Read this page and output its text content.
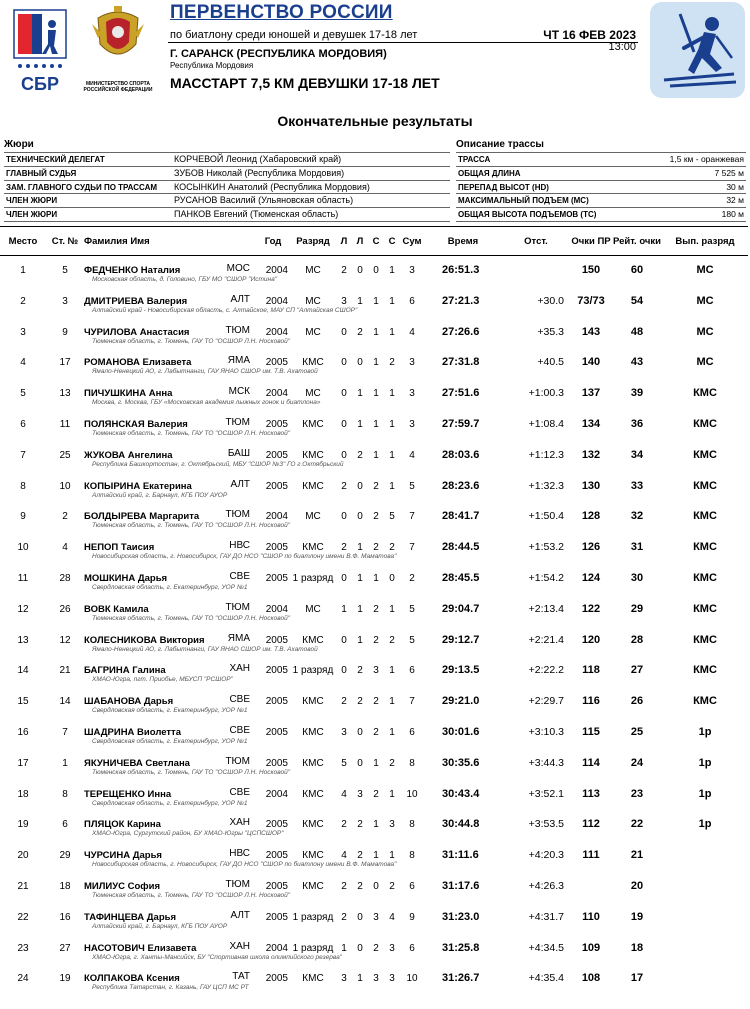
СБР	МИНИСТЕРСТВО СПОРТА РОССИЙСКОЙ ФЕДЕРАЦИИ
ПЕРВЕНСТВО РОССИИ
по биатлону среди юношей и девушек 17-18 лет	ЧТ 16 ФЕВ 2023
13:00
Г. САРАНСК (РЕСПУБЛИКА МОРДОВИЯ)
Республика Мордовия
МАССТАРТ 7,5 КМ ДЕВУШКИ 17-18 ЛЕТ
Окончательные результаты
Жюри
ТЕХНИЧЕСКИЙ ДЕЛЕГАТ	КОРЧЕВОЙ Леонид (Хабаровский край)
ГЛАВНЫЙ СУДЬЯ	ЗУБОВ Николай (Республика Мордовия)
ЗАМ. ГЛАВНОГО СУДЬИ ПО ТРАССАМ КОСЫНКИН Анатолий (Республика Мордовия)
ЧЛЕН ЖЮРИ	РУСАНОВ Василий (Ульяновская область)
ЧЛЕН ЖЮРИ	ПАНКОВ Евгений (Тюменская область)
Описание трассы
ТРАССА	1,5 км - оранжевая
ОБЩАЯ ДЛИНА	7 525 м
ПЕРЕПАД ВЫСОТ (HD)	30 м
МАКСИМАЛЬНЫЙ ПОДЪЕМ (MC)	32 м
ОБЩАЯ ВЫСОТА ПОДЪЕМОВ (TC)	180 м
Место	Ст. №	Фамилия Имя	Год	Разряд	Л	Л	С	С	Сум	Время	Отст.	Очки ПР	Рейт. очки	Вып. разряд
1	5	ФЕДЧЕНКО Наталия	МОС 2004	МС	2	0	0	1	3	26:51.3		150	60	МС
Московская область, д. Головино, ГБУ МО "СШОР "Истина"														
2	3	ДМИТРИЕВА Валерия	АЛТ 2004	МС	3	1	1	1	6	27:21.3	+30.0	73/73	54	МС
Алтайский край - Новосибирская область, с. Алтайское, МАУ СП "Алтайская СШОР"														
3	9	ЧУРИЛОВА Анастасия	ТЮМ 2004	МС	0	2	1	1	4	27:26.6	+35.3	143	48	МС
Тюменская область, г. Тюмень, ГАУ ТО "ОСШОР Л.Н. Носковой"														
4	17	РОМАНОВА Елизавета	ЯМА 2005	КМС	0	0	1	2	3	27:31.8	+40.5	140	43	МС
Ямало-Ненецкий АО, г. Лабытнанги, ГАУ ЯНАО СШОР им. Т.В. Ахатовой														
5	13	ПИЧУШКИНА Анна	МСК 2004	МС	0	1	1	1	3	27:51.6	+1:00.3	137	39	КМС
Москва, г. Москва, ГБУ «Московская академия лыжных гонок и биатлона»														
6	11	ПОЛЯНСКАЯ Валерия	ТЮМ 2005	КМС	0	1	1	1	3	27:59.7	+1:08.4	134	36	КМС
Тюменская область, г. Тюмень, ГАУ ТО "ОСШОР Л.Н. Носковой"														
7	25	ЖУКОВА Ангелина	БАШ 2005	КМС	0	2	1	1	4	28:03.6	+1:12.3	132	34	КМС
Республика Башкортостан, г. Октябрьский, МБУ "СШОР №3" ГО г.Октябрьский														
8	10	КОПЫРИНА Екатерина	АЛТ 2005	КМС	2	0	2	1	5	28:23.6	+1:32.3	130	33	КМС
Алтайский край, г. Барнаул, КГБ ПОУ АУОР														
9	2	БОЛДЫРЕВА Маргарита	ТЮМ 2004	МС	0	0	2	5	7	28:41.7	+1:50.4	128	32	КМС
Тюменская область, г. Тюмень, ГАУ ТО "ОСШОР Л.Н. Носковой"														
10	4	НЕПОП Таисия	НВС 2005	КМС	2	1	2	2	7	28:44.5	+1:53.2	126	31	КМС
Новосибирская область, г. Новосибирск, ГАУ ДО НСО "СШОР по биатлону имени В.Ф. Маматова"														
11	28	МОШКИНА Дарья	СВЕ 2005	1 разряд	0	1	1	0	2	28:45.5	+1:54.2	124	30	КМС
Свердловская область, г. Екатеринбург, УОР №1														
12	26	ВОВК Камила	ТЮМ 2004	МС	1	1	2	1	5	29:04.7	+2:13.4	122	29	КМС
Тюменская область, г. Тюмень, ГАУ ТО "ОСШОР Л.Н. Носковой"														
13	12	КОЛЕСНИКОВА Виктория	ЯМА 2005	КМС	0	1	2	2	5	29:12.7	+2:21.4	120	28	КМС
Ямало-Ненецкий АО, г. Лабытнанги, ГАУ ЯНАО СШОР им. Т.В. Ахатовой														
14	21	БАГРИНА Галина	ХАН 2005	1 разряд	0	2	3	1	6	29:13.5	+2:22.2	118	27	КМС
ХМАО-Югра, пгт. Приобье, МБУСП "РСШОР"														
15	14	ШАБАНОВА Дарья	СВЕ 2005	КМС	2	2	2	1	7	29:21.0	+2:29.7	116	26	КМС
Свердловская область, г. Екатеринбург, УОР №1														
16	7	ШАДРИНА Виолетта	СВЕ 2005	КМС	3	0	2	1	6	30:01.6	+3:10.3	115	25	1р
Свердловская область, г. Екатеринбург, УОР №1														
17	1	ЯКУНИЧЕВА Светлана	ТЮМ 2005	КМС	5	0	1	2	8	30:35.6	+3:44.3	114	24	1р
Тюменская область, г. Тюмень, ГАУ ТО "ОСШОР Л.Н. Носковой"														
18	8	ТЕРЕЩЕНКО Инна	СВЕ 2004	КМС	4	3	2	1	10	30:43.4	+3:52.1	113	23	1р
Свердловская область, г. Екатеринбург, УОР №1														
19	6	ПЛЯЦОК Карина	ХАН 2005	КМС	2	2	1	3	8	30:44.8	+3:53.5	112	22	1р
ХМАО-Югра, Сургутский район, БУ ХМАО-Югры "ЦСПСШОР"														
20	29	ЧУРСИНА Дарья	НВС 2005	КМС	4	2	1	1	8	31:11.6	+4:20.3	111	21	
Новосибирская область, г. Новосибирск, ГАУ ДО НСО "СШОР по биатлону имени В.Ф. Маматова"														
21	18	МИЛИУС София	ТЮМ 2005	КМС	2	2	0	2	6	31:17.6	+4:26.3		20	
Тюменская область, г. Тюмень, ГАУ ТО "ОСШОР Л.Н. Носковой"														
22	16	ТАФИНЦЕВА Дарья	АЛТ 2005	1 разряд	2	0	3	4	9	31:23.0	+4:31.7	110	19	
Алтайский край, г. Барнаул, КГБ ПОУ АУОР														
23	27	НАСОТОВИЧ Елизавета	ХАН 2004	1 разряд	1	0	2	3	6	31:25.8	+4:34.5	109	18	
ХМАО-Югра, г. Ханты-Мансийск, БУ "Спортивная школа олимпийского резерва"														
24	19	КОЛПАКОВА Ксения	ТАТ 2005	КМС	3	1	3	3	10	31:26.7	+4:35.4	108	17	
Республика Татарстан, г. Казань, ГАУ ЦСП МС РТ														
